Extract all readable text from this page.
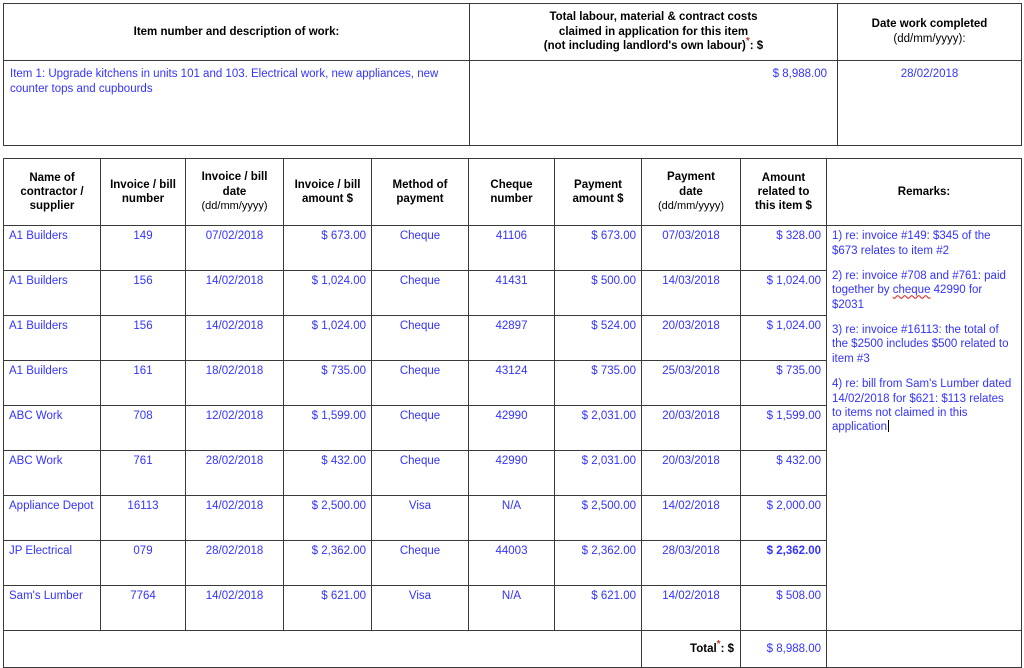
Item number and description of work:	Total labour, material & contract costs
claimed in application for this item
(not including landlord's own labour)*: $	Date work completed
(dd/mm/yyyy):
Item 1: Upgrade kitchens in units 101 and 103. Electrical work, new appliances, new counter tops and cupbourds	$ 8,988.00	28/02/2018
Name of
contractor /
supplier	Invoice / bill
number	Invoice / bill
date
(dd/mm/yyyy)	Invoice / bill
amount $	Method of
payment	Cheque
number	Payment
amount $	Payment
date
(dd/mm/yyyy)	Amount
related to
this item $	Remarks:
A1 Builders	149	07/02/2018	$ 673.00	Cheque	41106	$ 673.00	07/03/2018	$ 328.00	1) re: invoice #149: $345 of the $673 relates to item #2

2) re: invoice #708 and #761: paid together by cheque 42990 for $2031

3) re: invoice #16113: the total of the $2500 includes $500 related to item #3

4) re: bill from Sam's Lumber dated 14/02/2018 for $621: $113 relates to items not claimed in this application

A1 Builders	156	14/02/2018	$ 1,024.00	Cheque	41431	$ 500.00	14/03/2018	$ 1,024.00	
A1 Builders	156	14/02/2018	$ 1,024.00	Cheque	42897	$ 524.00	20/03/2018	$ 1,024.00	
A1 Builders	161	18/02/2018	$ 735.00	Cheque	43124	$ 735.00	25/03/2018	$ 735.00	
ABC Work	708	12/02/2018	$ 1,599.00	Cheque	42990	$ 2,031.00	20/03/2018	$ 1,599.00	
ABC Work	761	28/02/2018	$ 432.00	Cheque	42990	$ 2,031.00	20/03/2018	$ 432.00	
Appliance Depot	16113	14/02/2018	$ 2,500.00	Visa	N/A	$ 2,500.00	14/02/2018	$ 2,000.00	
JP Electrical	079	28/02/2018	$ 2,362.00	Cheque	44003	$ 2,362.00	28/03/2018	$ 2,362.00	
Sam's Lumber	7764	14/02/2018	$ 621.00	Visa	N/A	$ 621.00	14/02/2018	$ 508.00	
							Total*: $	$ 8,988.00	
